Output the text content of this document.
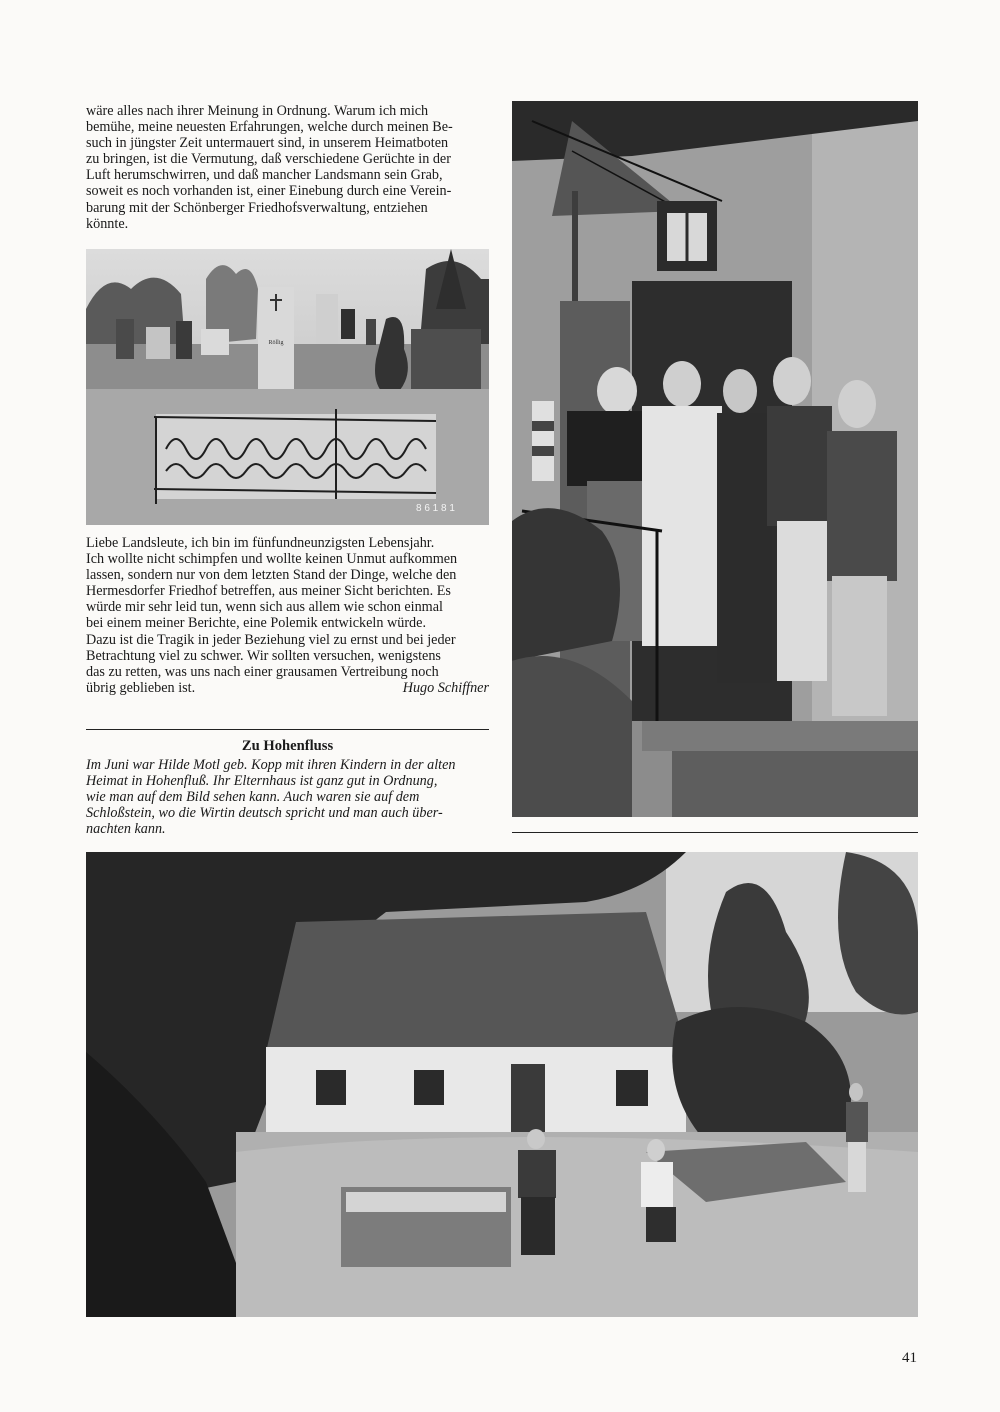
wäre alles nach ihrer Meinung in Ordnung. Warum ich mich

bemühe, meine neuesten Erfahrungen, welche durch meinen Be-

such in jüngster Zeit untermauert sind, in unserem Heimatboten

zu bringen, ist die Vermutung, daß verschiedene Gerüchte in der

Luft herumschwirren, und daß mancher Landsmann sein Grab,

soweit es noch vorhanden ist, einer Einebung durch eine Verein-

barung mit der Schönberger Friedhofsverwaltung, entziehen

könnte.

Röllig
8 6 1 8 1

Liebe Landsleute, ich bin im fünfundneunzigsten Lebensjahr.

Ich wollte nicht schimpfen und wollte keinen Unmut aufkommen

lassen, sondern nur von dem letzten Stand der Dinge, welche den

Hermesdorfer Friedhof betreffen, aus meiner Sicht berichten. Es

würde mir sehr leid tun, wenn sich aus allem wie schon einmal

bei einem meiner Berichte, eine Polemik entwickeln würde.

Dazu ist die Tragik in jeder Beziehung viel zu ernst und bei jeder

Betrachtung viel zu schwer. Wir sollten versuchen, wenigstens

das zu retten, was uns nach einer grausamen Vertreibung noch

übrig geblieben ist.	Hugo Schiffner
Zu Hohenfluss
Im Juni war Hilde Motl geb. Kopp mit ihren Kindern in der alten
Heimat in Hohenfluß. Ihr Elternhaus ist ganz gut in Ordnung,
wie man auf dem Bild sehen kann. Auch waren sie auf dem
Schloßstein, wo die Wirtin deutsch spricht und man auch über-
nachten kann.
41
